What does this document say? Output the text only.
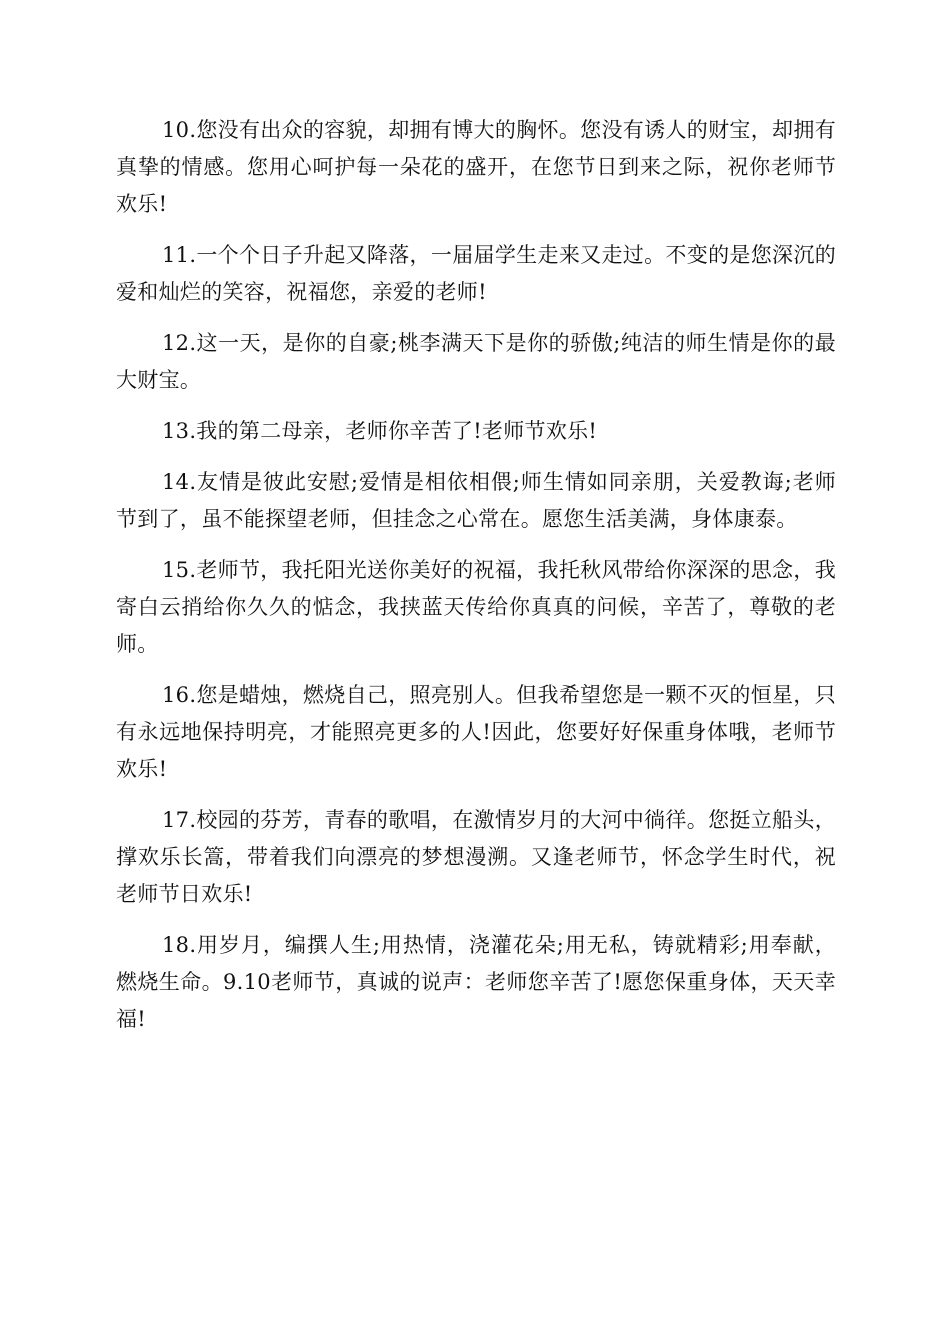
10.您没有出众的容貌，却拥有博大的胸怀。您没有诱人的财宝，却拥有真挚的情感。您用心呵护每一朵花的盛开，在您节日到来之际，祝你老师节欢乐!

11.一个个日子升起又降落，一届届学生走来又走过。不变的是您深沉的爱和灿烂的笑容，祝福您，亲爱的老师!

12.这一天，是你的自豪;桃李满天下是你的骄傲;纯洁的师生情是你的最大财宝。

13.我的第二母亲，老师你辛苦了!老师节欢乐!

14.友情是彼此安慰;爱情是相依相偎;师生情如同亲朋，关爱教诲;老师节到了，虽不能探望老师，但挂念之心常在。愿您生活美满，身体康泰。

15.老师节，我托阳光送你美好的祝福，我托秋风带给你深深的思念，我寄白云捎给你久久的惦念，我挟蓝天传给你真真的问候，辛苦了，尊敬的老师。

16.您是蜡烛，燃烧自己，照亮别人。但我希望您是一颗不灭的恒星，只有永远地保持明亮，才能照亮更多的人!因此，您要好好保重身体哦，老师节欢乐!

17.校园的芬芳，青春的歌唱，在激情岁月的大河中徜徉。您挺立船头，撑欢乐长篙，带着我们向漂亮的梦想漫溯。又逢老师节，怀念学生时代，祝老师节日欢乐!

18.用岁月，编撰人生;用热情，浇灌花朵;用无私，铸就精彩;用奉献，燃烧生命。9.10老师节，真诚的说声：老师您辛苦了!愿您保重身体，天天幸福!
